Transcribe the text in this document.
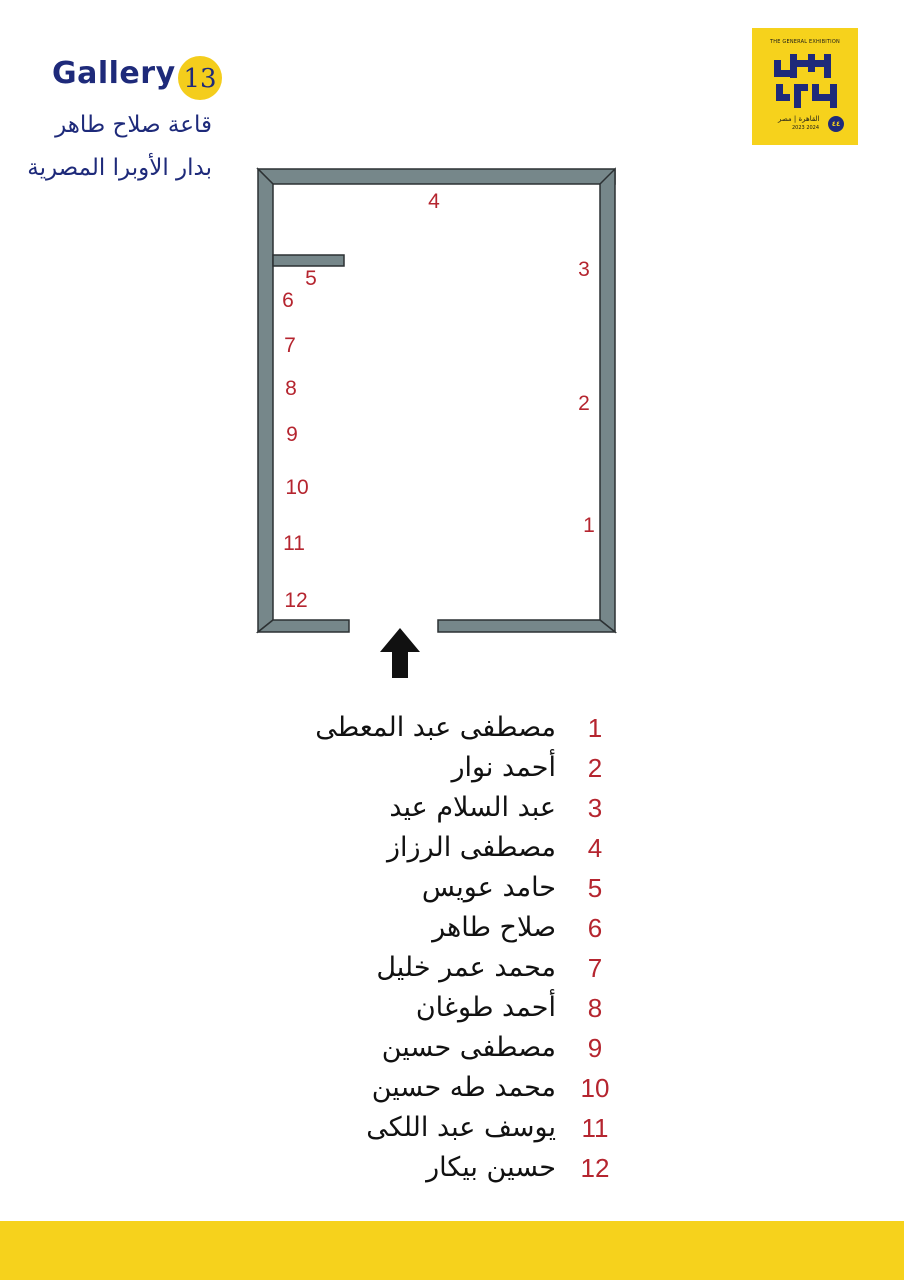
Gallery 13
قاعة صلاح طاهر
بدار الأوبرا المصرية
THE GENERAL EXHIBITION
القاهرة | مصر
2023 2024	٤٤
1
2
3
4
5
6
7
8
9
10
11
12
مصطفى عبد المعطى 1
أحمد نوار 2
عبد السلام عيد 3
مصطفى الرزاز 4
حامد عويس 5
صلاح طاهر 6
محمد عمر خليل 7
أحمد طوغان 8
مصطفى حسين 9
محمد طه حسين 10
يوسف عبد اللكى 11
حسين بيكار 12
